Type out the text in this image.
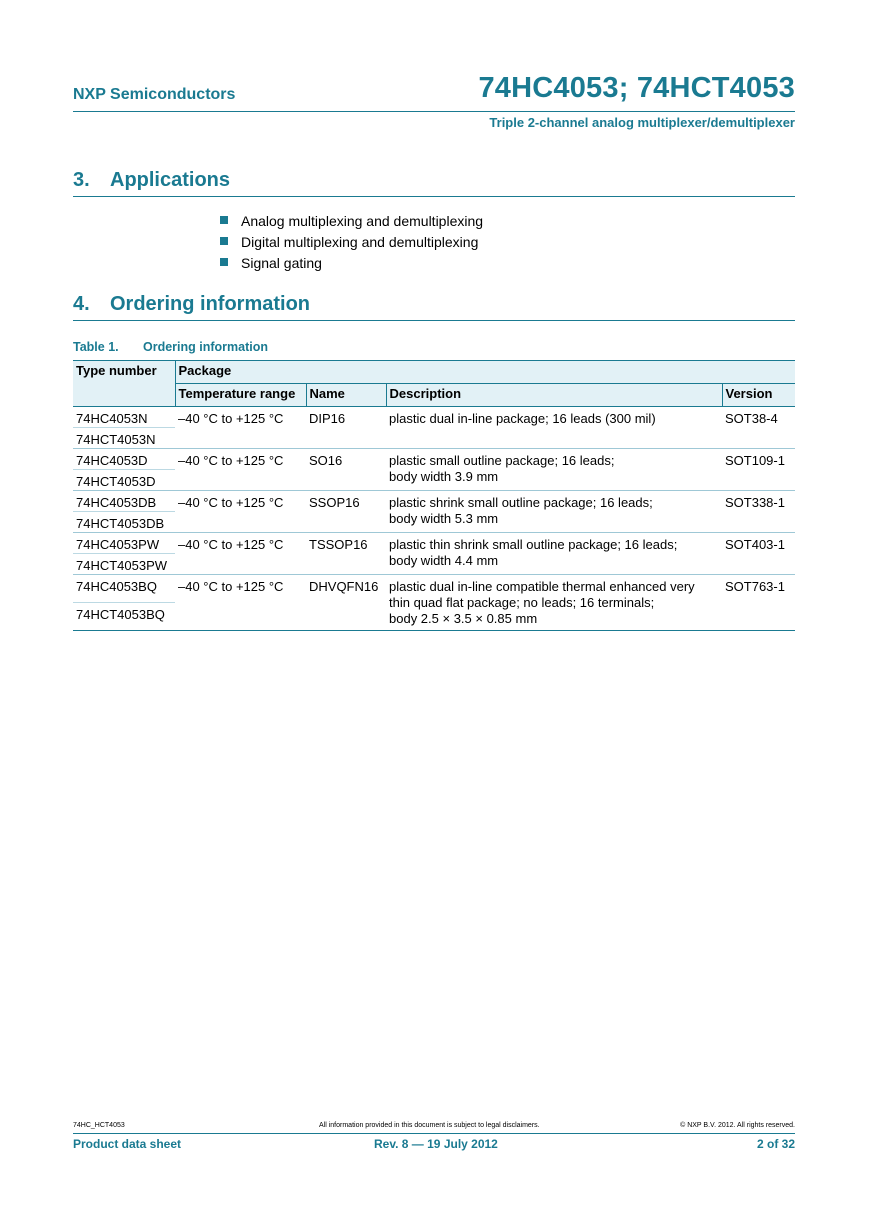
NXP Semiconductors	74HC4053; 74HCT4053
Triple 2-channel analog multiplexer/demultiplexer
3. Applications
Analog multiplexing and demultiplexing
Digital multiplexing and demultiplexing
Signal gating
4. Ordering information
Table 1. Ordering information
Type number	Package			
	Temperature range	Name	Description	Version
74HC4053N	–40 °C to +125 °C	DIP16	plastic dual in-line package; 16 leads (300 mil)	SOT38-4
74HCT4053N				
74HC4053D	–40 °C to +125 °C	SO16	plastic small outline package; 16 leads;
body width 3.9 mm	SOT109-1
74HCT4053D				
74HC4053DB	–40 °C to +125 °C	SSOP16	plastic shrink small outline package; 16 leads;
body width 5.3 mm	SOT338-1
74HCT4053DB				
74HC4053PW	–40 °C to +125 °C	TSSOP16	plastic thin shrink small outline package; 16 leads;
body width 4.4 mm	SOT403-1
74HCT4053PW				
74HC4053BQ	–40 °C to +125 °C	DHVQFN16	plastic dual in-line compatible thermal enhanced very
thin quad flat package; no leads; 16 terminals;
body 2.5 × 3.5 × 0.85 mm	SOT763-1
74HCT4053BQ				
74HC_HCT4053	All information provided in this document is subject to legal disclaimers.	© NXP B.V. 2012. All rights reserved.
Product data sheet	Rev. 8 — 19 July 2012	2 of 32
